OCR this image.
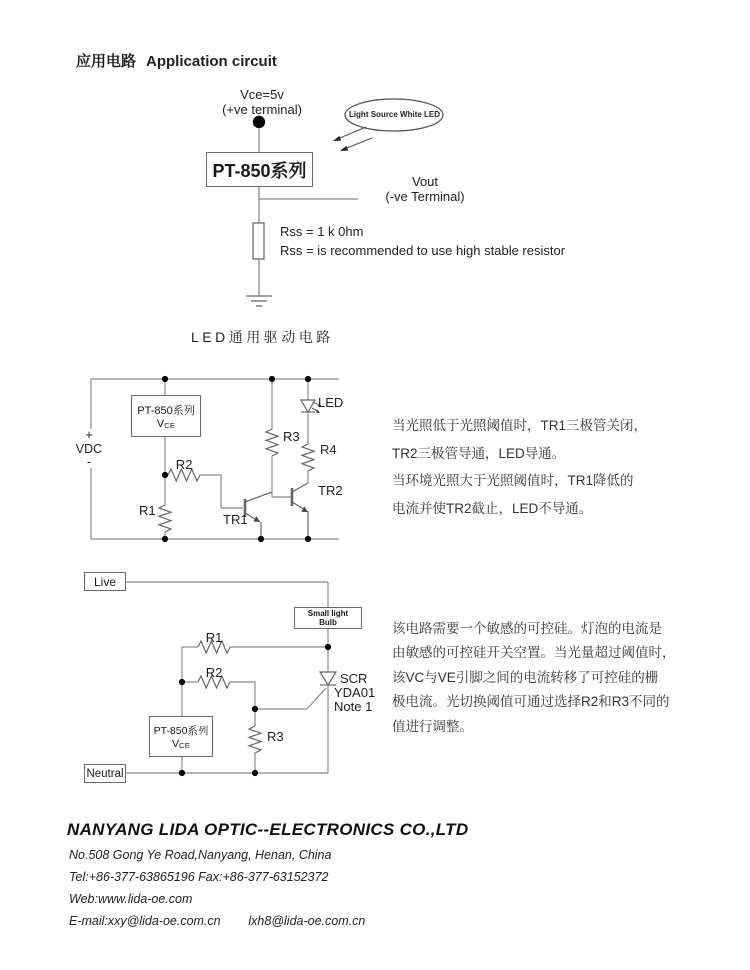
应用电路 Application circuit
Vce=5v
(+ve terminal)	Light Source White LED
PT-850系列
Vout
(-ve Terminal)
Rss = 1 k 0hm
Rss = is recommended to use high stable resistor
LED通用驱动电路
+
VDC
-
PT-850系列
VCE
R2
R1
R3
R4
TR1
TR2
LED
当光照低于光照阈值时，TR1三极管关闭，
TR2三极管导通，LED导通。
当环境光照大于光照阈值时，TR1降低的
电流并使TR2截止，LED不导通。
Live
Small light
Bulb
R1
R2
R3
SCR
YDA01
Note 1
PT-850系列
VCE
Neutral
该电路需要一个敏感的可控硅。灯泡的电流是
由敏感的可控硅开关空置。当光量超过阈值时，
该VC与VE引脚之间的电流转移了可控硅的栅
极电流。光切换阈值可通过选择R2和R3不同的
值进行调整。
NANYANG LIDA OPTIC--ELECTRONICS CO.,LTD
No.508 Gong Ye Road,Nanyang, Henan, China
Tel:+86-377-63865196 Fax:+86-377-63152372
Web:www.lida-oe.com
E-mail:xxy@lida-oe.com.cn        lxh8@lida-oe.com.cn
